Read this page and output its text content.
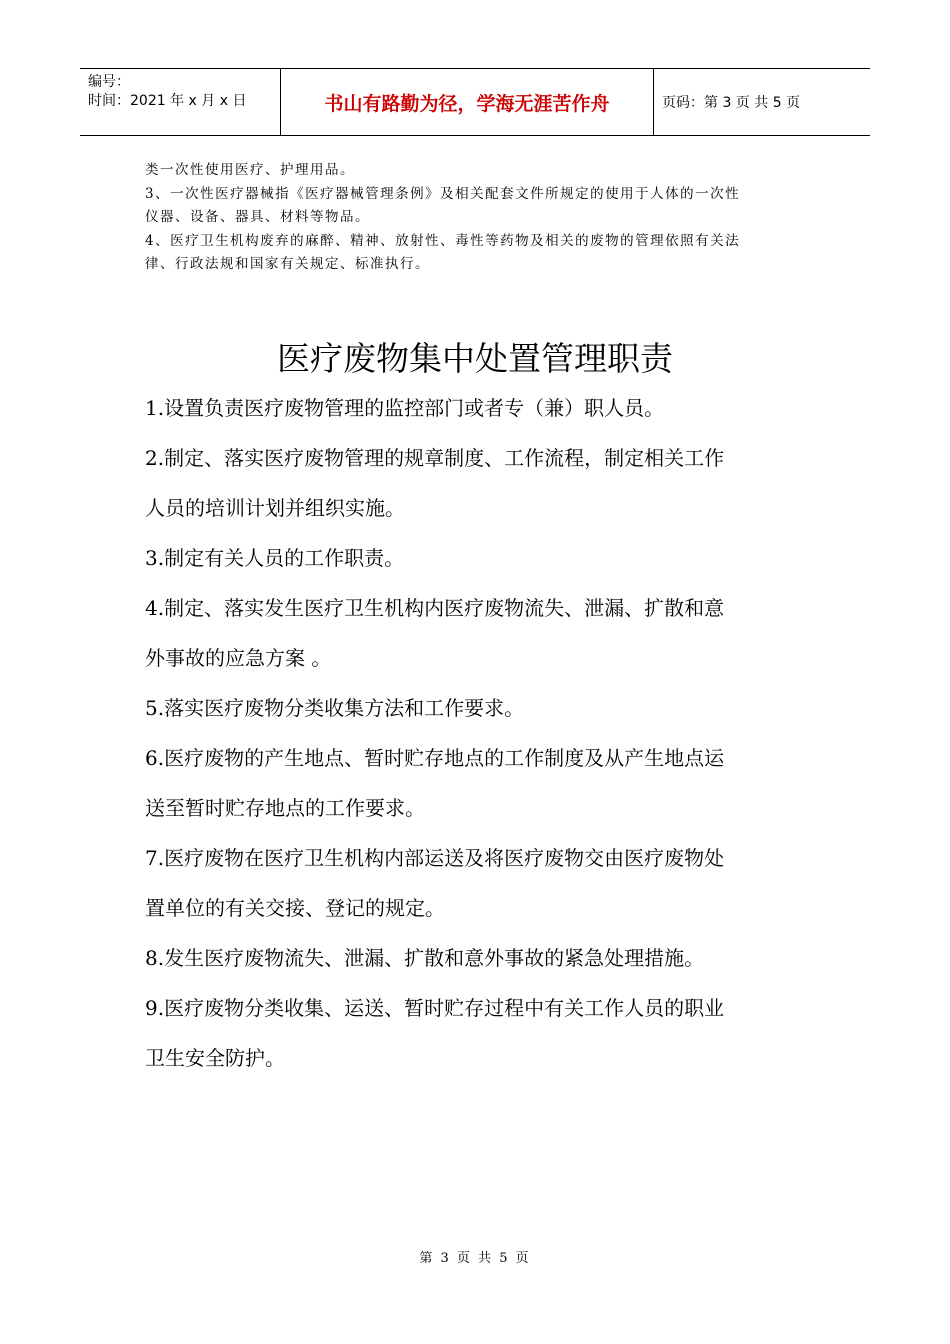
编号：
时间：2021 年 x 月 x 日	书山有路勤为径，学海无涯苦作舟	页码：第 3 页 共 5 页

类一次性使用医疗、护理用品。

3、一次性医疗器械指《医疗器械管理条例》及相关配套文件所规定的使用于人体的一次性

仪器、设备、器具、材料等物品。

4、医疗卫生机构废弃的麻醉、精神、放射性、毒性等药物及相关的废物的管理依照有关法

律、行政法规和国家有关规定、标准执行。

医疗废物集中处置管理职责

1.设置负责医疗废物管理的监控部门或者专（兼）职人员。

2.制定、落实医疗废物管理的规章制度、工作流程，制定相关工作

人员的培训计划并组织实施。

3.制定有关人员的工作职责。

4.制定、落实发生医疗卫生机构内医疗废物流失、泄漏、扩散和意

外事故的应急方案 。

5.落实医疗废物分类收集方法和工作要求。

6.医疗废物的产生地点、暂时贮存地点的工作制度及从产生地点运

送至暂时贮存地点的工作要求。

7.医疗废物在医疗卫生机构内部运送及将医疗废物交由医疗废物处

置单位的有关交接、登记的规定。

8.发生医疗废物流失、泄漏、扩散和意外事故的紧急处理措施。

9.医疗废物分类收集、运送、暂时贮存过程中有关工作人员的职业

卫生安全防护。

第 3 页 共 5 页
